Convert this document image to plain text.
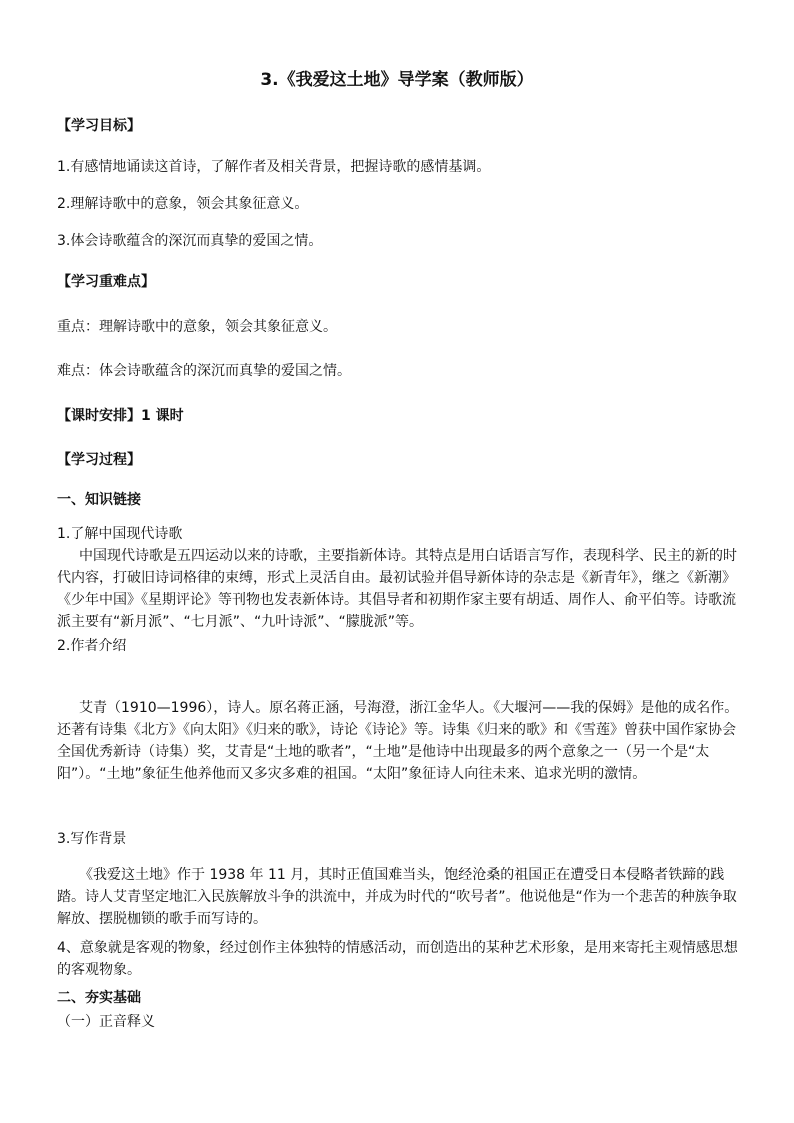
3.《我爱这土地》导学案（教师版）
【学习目标】
1.有感情地诵读这首诗，了解作者及相关背景，把握诗歌的感情基调。
2.理解诗歌中的意象，领会其象征意义。
3.体会诗歌蕴含的深沉而真挚的爱国之情。
【学习重难点】
重点：理解诗歌中的意象，领会其象征意义。
难点：体会诗歌蕴含的深沉而真挚的爱国之情。
【课时安排】1 课时
【学习过程】
一、知识链接
1.了解中国现代诗歌

中国现代诗歌是五四运动以来的诗歌，主要指新体诗。其特点是用白话语言写作，表现科学、民主的新的时代内容，打破旧诗词格律的束缚，形式上灵活自由。最初试验并倡导新体诗的杂志是《新青年》，继之《新潮》《少年中国》《星期评论》等刊物也发表新体诗。其倡导者和初期作家主要有胡适、周作人、俞平伯等。诗歌流派主要有“新月派”、“七月派”、“九叶诗派”、“朦胧派”等。

2.作者介绍

艾青（1910—1996），诗人。原名蒋正涵，号海澄，浙江金华人。《大堰河——我的保姆》是他的成名作。还著有诗集《北方》《向太阳》《归来的歌》，诗论《诗论》等。诗集《归来的歌》和《雪莲》曾获中国作家协会全国优秀新诗（诗集）奖，艾青是“土地的歌者”，“土地”是他诗中出现最多的两个意象之一（另一个是“太阳”）。“土地”象征生他养他而又多灾多难的祖国。“太阳”象征诗人向往未来、追求光明的激情。

3.写作背景

《我爱这土地》作于 1938 年 11 月，其时正值国难当头，饱经沧桑的祖国正在遭受日本侵略者铁蹄的践踏。诗人艾青坚定地汇入民族解放斗争的洪流中，并成为时代的“吹号者”。他说他是“作为一个悲苦的种族争取解放、摆脱枷锁的歌手而写诗的。

4、意象就是客观的物象，经过创作主体独特的情感活动，而创造出的某种艺术形象，是用来寄托主观情感思想的客观物象。

二、夯实基础
（一）正音释义
